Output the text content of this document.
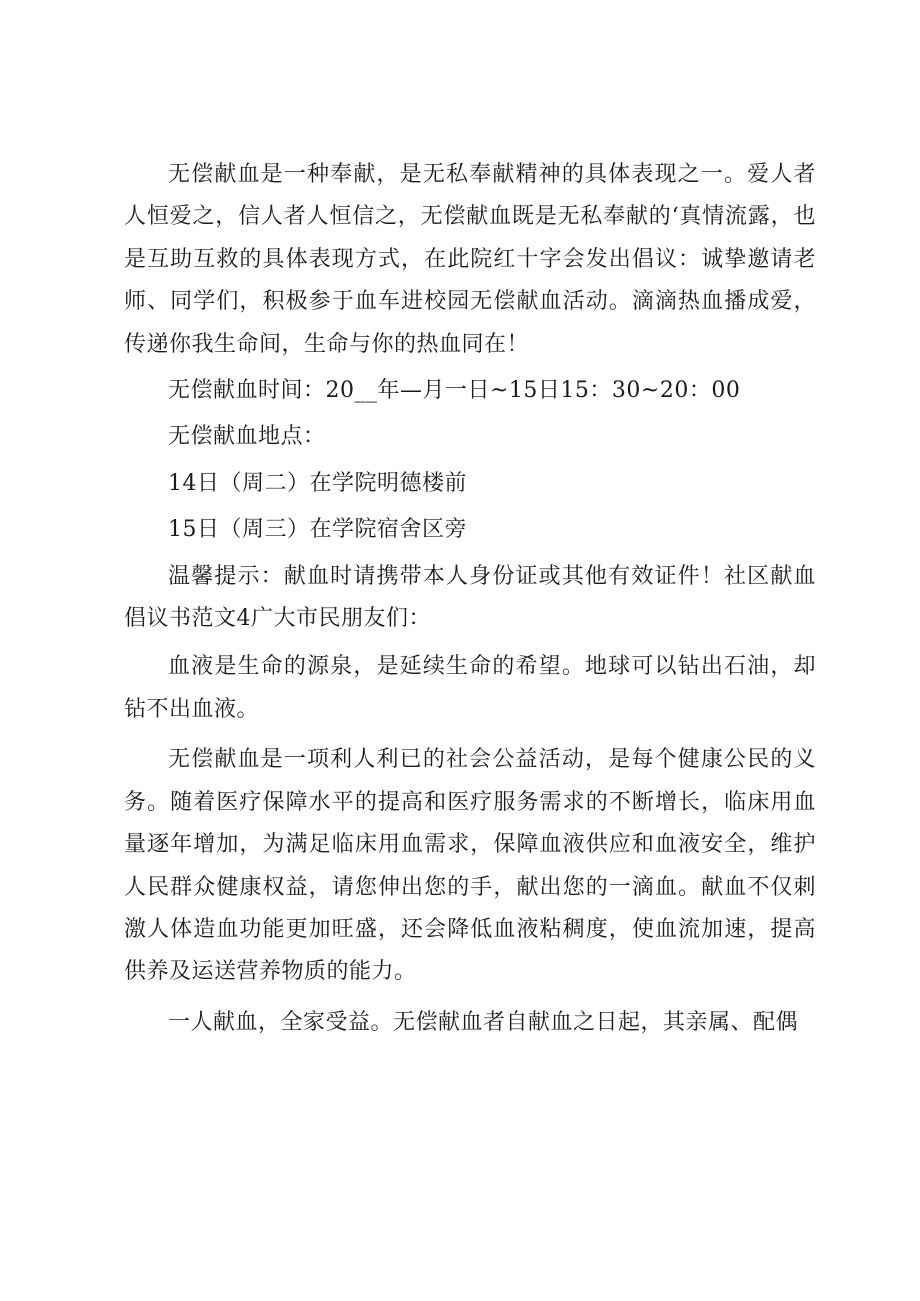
无偿献血是一种奉献，是无私奉献精神的具体表现之一。爱人者人恒爱之，信人者人恒信之，无偿献血既是无私奉献的‘真情流露，也是互助互救的具体表现方式，在此院红十字会发出倡议：诚挚邀请老师、同学们，积极参于血车进校园无偿献血活动。滴滴热血播成爱，传递你我生命间，生命与你的热血同在！

无偿献血时间：20__年—月一日~15日15：30~20：00

无偿献血地点：

14日（周二）在学院明德楼前

15日（周三）在学院宿舍区旁

温馨提示：献血时请携带本人身份证或其他有效证件！社区献血倡议书范文4广大市民朋友们：

血液是生命的源泉，是延续生命的希望。地球可以钻出石油，却钻不出血液。

无偿献血是一项利人利已的社会公益活动，是每个健康公民的义务。随着医疗保障水平的提高和医疗服务需求的不断增长，临床用血量逐年增加，为满足临床用血需求，保障血液供应和血液安全，维护人民群众健康权益，请您伸出您的手，献出您的一滴血。献血不仅刺激人体造血功能更加旺盛，还会降低血液粘稠度，使血流加速，提高供养及运送营养物质的能力。

一人献血，全家受益。无偿献血者自献血之日起，其亲属、配偶
